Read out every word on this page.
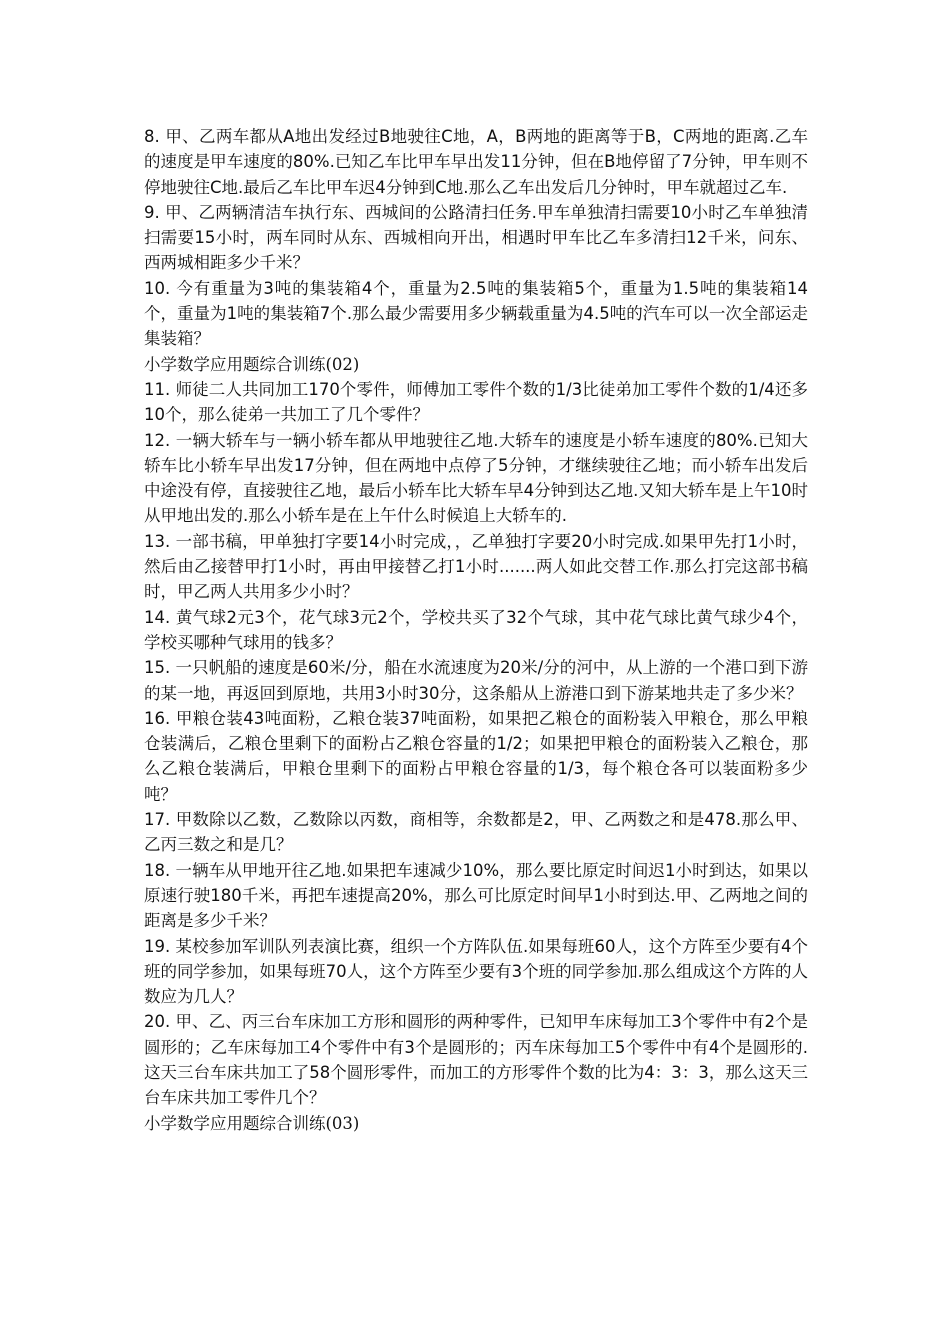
8. 甲、乙两车都从A地出发经过B地驶往C地，A，B两地的距离等于B，C两地的距离.乙车的速度是甲车速度的80%.已知乙车比甲车早出发11分钟，但在B地停留了7分钟，甲车则不停地驶往C地.最后乙车比甲车迟4分钟到C地.那么乙车出发后几分钟时，甲车就超过乙车.

9. 甲、乙两辆清洁车执行东、西城间的公路清扫任务.甲车单独清扫需要10小时乙车单独清扫需要15小时，两车同时从东、西城相向开出，相遇时甲车比乙车多清扫12千米，问东、西两城相距多少千米？

10. 今有重量为3吨的集装箱4个，重量为2.5吨的集装箱5个，重量为1.5吨的集装箱14个，重量为1吨的集装箱7个.那么最少需要用多少辆载重量为4.5吨的汽车可以一次全部运走集装箱？

小学数学应用题综合训练(02)

11. 师徒二人共同加工170个零件，师傅加工零件个数的1/3比徒弟加工零件个数的1/4还多10个，那么徒弟一共加工了几个零件？

12. 一辆大轿车与一辆小轿车都从甲地驶往乙地.大轿车的速度是小轿车速度的80%.已知大轿车比小轿车早出发17分钟，但在两地中点停了5分钟，才继续驶往乙地；而小轿车出发后中途没有停，直接驶往乙地，最后小轿车比大轿车早4分钟到达乙地.又知大轿车是上午10时从甲地出发的.那么小轿车是在上午什么时候追上大轿车的.

13. 一部书稿，甲单独打字要14小时完成，，乙单独打字要20小时完成.如果甲先打1小时，然后由乙接替甲打1小时，再由甲接替乙打1小时.......两人如此交替工作.那么打完这部书稿时，甲乙两人共用多少小时？

14. 黄气球2元3个，花气球3元2个，学校共买了32个气球，其中花气球比黄气球少4个，学校买哪种气球用的钱多？

15. 一只帆船的速度是60米/分，船在水流速度为20米/分的河中，从上游的一个港口到下游的某一地，再返回到原地，共用3小时30分，这条船从上游港口到下游某地共走了多少米？

16. 甲粮仓装43吨面粉，乙粮仓装37吨面粉，如果把乙粮仓的面粉装入甲粮仓，那么甲粮仓装满后，乙粮仓里剩下的面粉占乙粮仓容量的1/2；如果把甲粮仓的面粉装入乙粮仓，那么乙粮仓装满后，甲粮仓里剩下的面粉占甲粮仓容量的1/3，每个粮仓各可以装面粉多少吨？

17. 甲数除以乙数，乙数除以丙数，商相等，余数都是2，甲、乙两数之和是478.那么甲、乙丙三数之和是几？

18. 一辆车从甲地开往乙地.如果把车速减少10%，那么要比原定时间迟1小时到达，如果以原速行驶180千米，再把车速提高20%，那么可比原定时间早1小时到达.甲、乙两地之间的距离是多少千米？

19. 某校参加军训队列表演比赛，组织一个方阵队伍.如果每班60人，这个方阵至少要有4个班的同学参加，如果每班70人，这个方阵至少要有3个班的同学参加.那么组成这个方阵的人数应为几人？

20. 甲、乙、丙三台车床加工方形和圆形的两种零件，已知甲车床每加工3个零件中有2个是圆形的；乙车床每加工4个零件中有3个是圆形的；丙车床每加工5个零件中有4个是圆形的.这天三台车床共加工了58个圆形零件，而加工的方形零件个数的比为4：3：3，那么这天三台车床共加工零件几个？

小学数学应用题综合训练(03)
